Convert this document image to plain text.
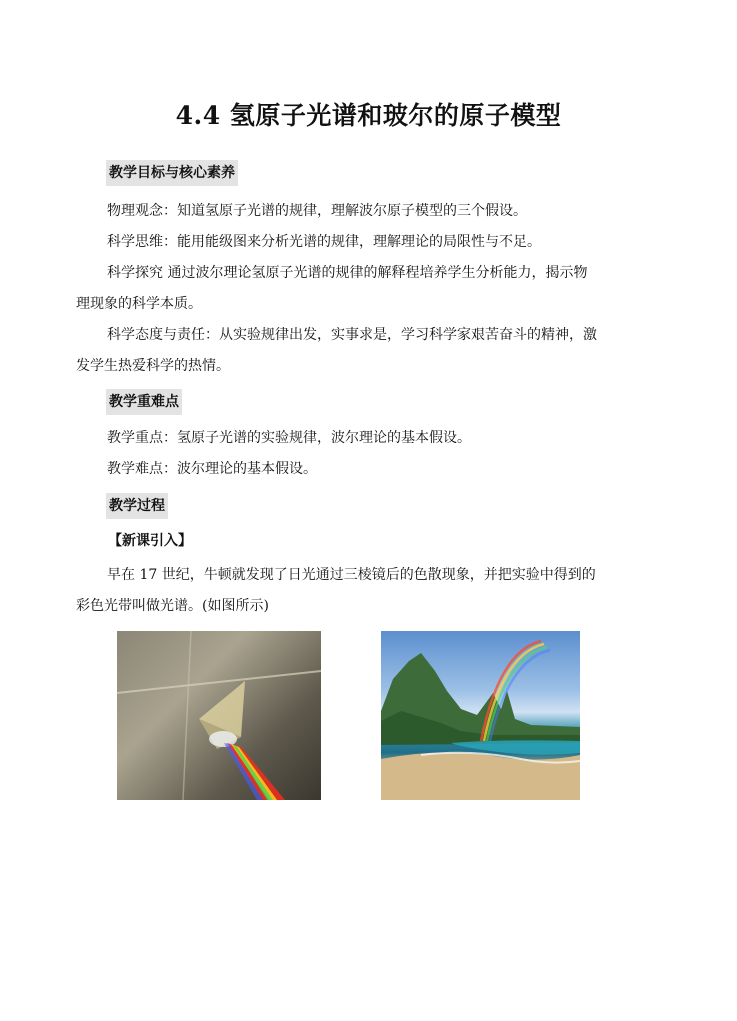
4.4 氢原子光谱和玻尔的原子模型
教学目标与核心素养
物理观念：知道氢原子光谱的规律，理解波尔原子模型的三个假设。
科学思维：能用能级图来分析光谱的规律，理解理论的局限性与不足。
科学探究 通过波尔理论氢原子光谱的规律的解释程培养学生分析能力，揭示物
理现象的科学本质。
科学态度与责任：从实验规律出发，实事求是，学习科学家艰苦奋斗的精神，激
发学生热爱科学的热情。
教学重难点
教学重点：氢原子光谱的实验规律，波尔理论的基本假设。
教学难点：波尔理论的基本假设。
教学过程
【新课引入】
早在 17 世纪，牛顿就发现了日光通过三棱镜后的色散现象，并把实验中得到的
彩色光带叫做光谱。(如图所示)
